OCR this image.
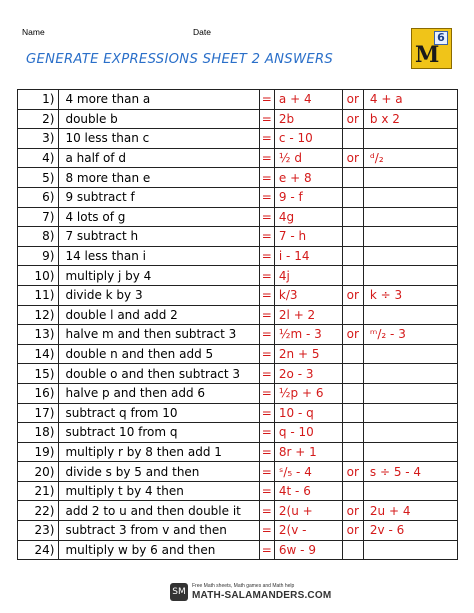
Name	Date
GENERATE EXPRESSIONS SHEET 2 ANSWERS
6
M
1)	4 more than a	=	a + 4	or	4 + a
2)	double b	=	2b	or	b x 2
3)	10 less than c	=	c - 10		
4)	a half of d	=	½ d	or	ᵈ/₂
5)	8 more than e	=	e + 8		
6)	9 subtract f	=	9 - f		
7)	4 lots of g	=	4g		
8)	7 subtract h	=	7 - h		
9)	14 less than i	=	i - 14		
10)	multiply j by 4	=	4j		
11)	divide k by 3	=	k/3	or	k ÷ 3
12)	double l and add 2	=	2l + 2		
13)	halve m and then subtract 3	=	½m - 3	or	ᵐ/₂ - 3
14)	double n and then add 5	=	2n + 5		
15)	double o and then subtract 3	=	2o - 3		
16)	halve p and then add 6	=	½p + 6		
17)	subtract q from 10	=	10 - q		
18)	subtract 10 from q	=	q - 10		
19)	multiply r by 8 then add 1	=	8r + 1		
20)	divide s by 5 and then	=	ˢ/₅ - 4	or	s ÷ 5 - 4
21)	multiply t by 4 then	=	4t - 6		
22)	add 2 to u and then double it	=	2(u +	or	2u + 4
23)	subtract 3 from v and then	=	2(v -	or	2v - 6
24)	multiply w by 6 and then	=	6w - 9		
SM
Free Math sheets, Math games and Math help
MATH-SALAMANDERS.COM
